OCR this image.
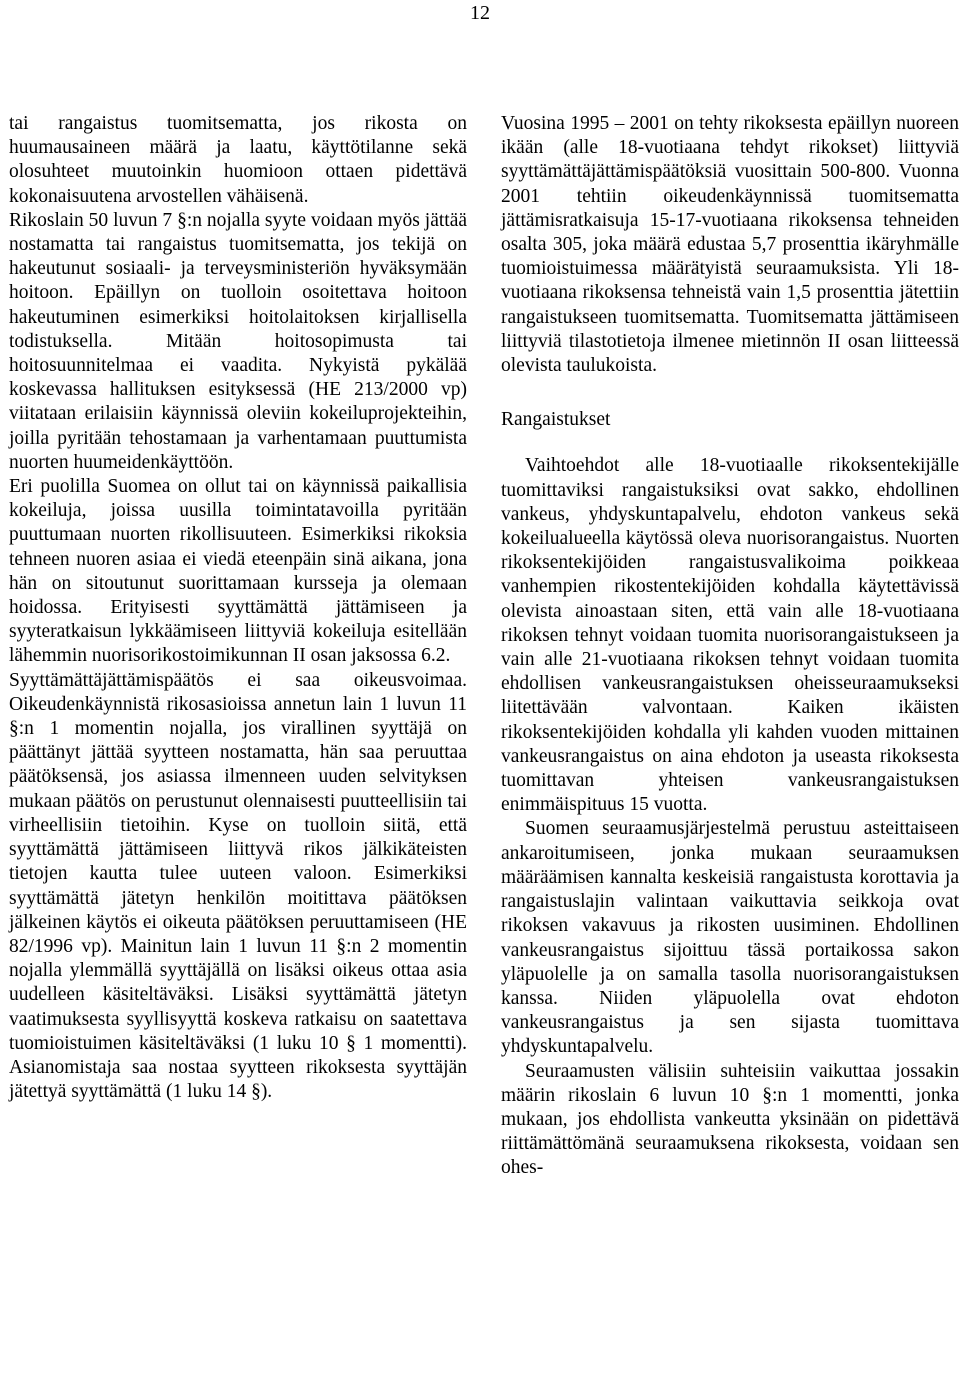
12

tai rangaistus tuomitsematta, jos rikosta on huumausaineen määrä ja laatu, käyttötilanne sekä olosuhteet muutoinkin huomioon ottaen pidettävä kokonaisuutena arvostellen vähäisenä.

Rikoslain 50 luvun 7 §:n nojalla syyte voidaan myös jättää nostamatta tai rangaistus tuomitsematta, jos tekijä on hakeutunut sosiaali- ja terveysministeriön hyväksymään hoitoon. Epäillyn on tuolloin osoitettava hoitoon hakeutuminen esimerkiksi hoitolaitoksen kirjallisella todistuksella. Mitään hoitosopimusta tai hoitosuunnitelmaa ei vaadita. Nykyistä pykälää koskevassa hallituksen esityksessä (HE 213/2000 vp) viitataan erilaisiin käynnissä oleviin kokeiluprojekteihin, joilla pyritään tehostamaan ja varhentamaan puuttumista nuorten huumeidenkäyttöön.

Eri puolilla Suomea on ollut tai on käynnissä paikallisia kokeiluja, joissa uusilla toimintatavoilla pyritään puuttumaan nuorten rikollisuuteen. Esimerkiksi rikoksia tehneen nuoren asiaa ei viedä eteenpäin sinä aikana, jona hän on sitoutunut suorittamaan kursseja ja olemaan hoidossa. Erityisesti syyttämättä jättämiseen ja syyteratkaisun lykkäämiseen liittyviä kokeiluja esitellään lähemmin nuorisorikostoimikunnan II osan jaksossa 6.2.

Syyttämättäjättämispäätös ei saa oikeusvoimaa. Oikeudenkäynnistä rikosasioissa annetun lain 1 luvun 11 §:n 1 momentin nojalla, jos virallinen syyttäjä on päättänyt jättää syytteen nostamatta, hän saa peruuttaa päätöksensä, jos asiassa ilmenneen uuden selvityksen mukaan päätös on perustunut olennaisesti puutteellisiin tai virheellisiin tietoihin. Kyse on tuolloin siitä, että syyttämättä jättämiseen liittyvä rikos jälkikäteisten tietojen kautta tulee uuteen valoon. Esimerkiksi syyttämättä jätetyn henkilön moitittava päätöksen jälkeinen käytös ei oikeuta päätöksen peruuttamiseen (HE 82/1996 vp). Mainitun lain 1 luvun 11 §:n 2 momentin nojalla ylemmällä syyttäjällä on lisäksi oikeus ottaa asia uudelleen käsiteltäväksi. Lisäksi syyttämättä jätetyn vaatimuksesta syyllisyyttä koskeva ratkaisu on saatettava tuomioistuimen käsiteltäväksi (1 luku 10 § 1 momentti). Asianomistaja saa nostaa syytteen rikoksesta syyttäjän jätettyä syyttämättä (1 luku 14 §).

Vuosina 1995 – 2001 on tehty rikoksesta epäillyn nuoreen ikään (alle 18-vuotiaana tehdyt rikokset) liittyviä syyttämättäjättämispäätöksiä vuosittain 500-800. Vuonna 2001 tehtiin oikeudenkäynnissä tuomitsematta jättämisratkaisuja 15-17-vuotiaana rikoksensa tehneiden osalta 305, joka määrä edustaa 5,7 prosenttia ikäryhmälle tuomioistuimessa määrätyistä seuraamuksista. Yli 18-vuotiaana rikoksensa tehneistä vain 1,5 prosenttia jätettiin rangaistukseen tuomitsematta. Tuomitsematta jättämiseen liittyviä tilastotietoja ilmenee mietinnön II osan liitteessä olevista taulukoista.

Rangaistukset

Vaihtoehdot alle 18-vuotiaalle rikoksentekijälle tuomittaviksi rangaistuksiksi ovat sakko, ehdollinen vankeus, yhdyskuntapalvelu, ehdoton vankeus sekä kokeilualueella käytössä oleva nuorisorangaistus. Nuorten rikoksentekijöiden rangaistusvalikoima poikkeaa vanhempien rikostentekijöiden kohdalla käytettävissä olevista ainoastaan siten, että vain alle 18-vuotiaana rikoksen tehnyt voidaan tuomita nuorisorangaistukseen ja vain alle 21-vuotiaana rikoksen tehnyt voidaan tuomita ehdollisen vankeusrangaistuksen oheisseuraamukseksi liitettävään valvontaan. Kaiken ikäisten rikoksentekijöiden kohdalla yli kahden vuoden mittainen vankeusrangaistus on aina ehdoton ja useasta rikoksesta tuomittavan yhteisen vankeusrangaistuksen enimmäispituus 15 vuotta.

Suomen seuraamusjärjestelmä perustuu asteittaiseen ankaroitumiseen, jonka mukaan seuraamuksen määräämisen kannalta keskeisiä rangaistusta korottavia ja rangaistuslajin valintaan vaikuttavia seikkoja ovat rikoksen vakavuus ja rikosten uusiminen. Ehdollinen vankeusrangaistus sijoittuu tässä portaikossa sakon yläpuolelle ja on samalla tasolla nuorisorangaistuksen kanssa. Niiden yläpuolella ovat ehdoton vankeusrangaistus ja sen sijasta tuomittava yhdyskuntapalvelu.

Seuraamusten välisiin suhteisiin vaikuttaa jossakin määrin rikoslain 6 luvun 10 §:n 1 momentti, jonka mukaan, jos ehdollista vankeutta yksinään on pidettävä riittämättömänä seuraamuksena rikoksesta, voidaan sen ohes-
